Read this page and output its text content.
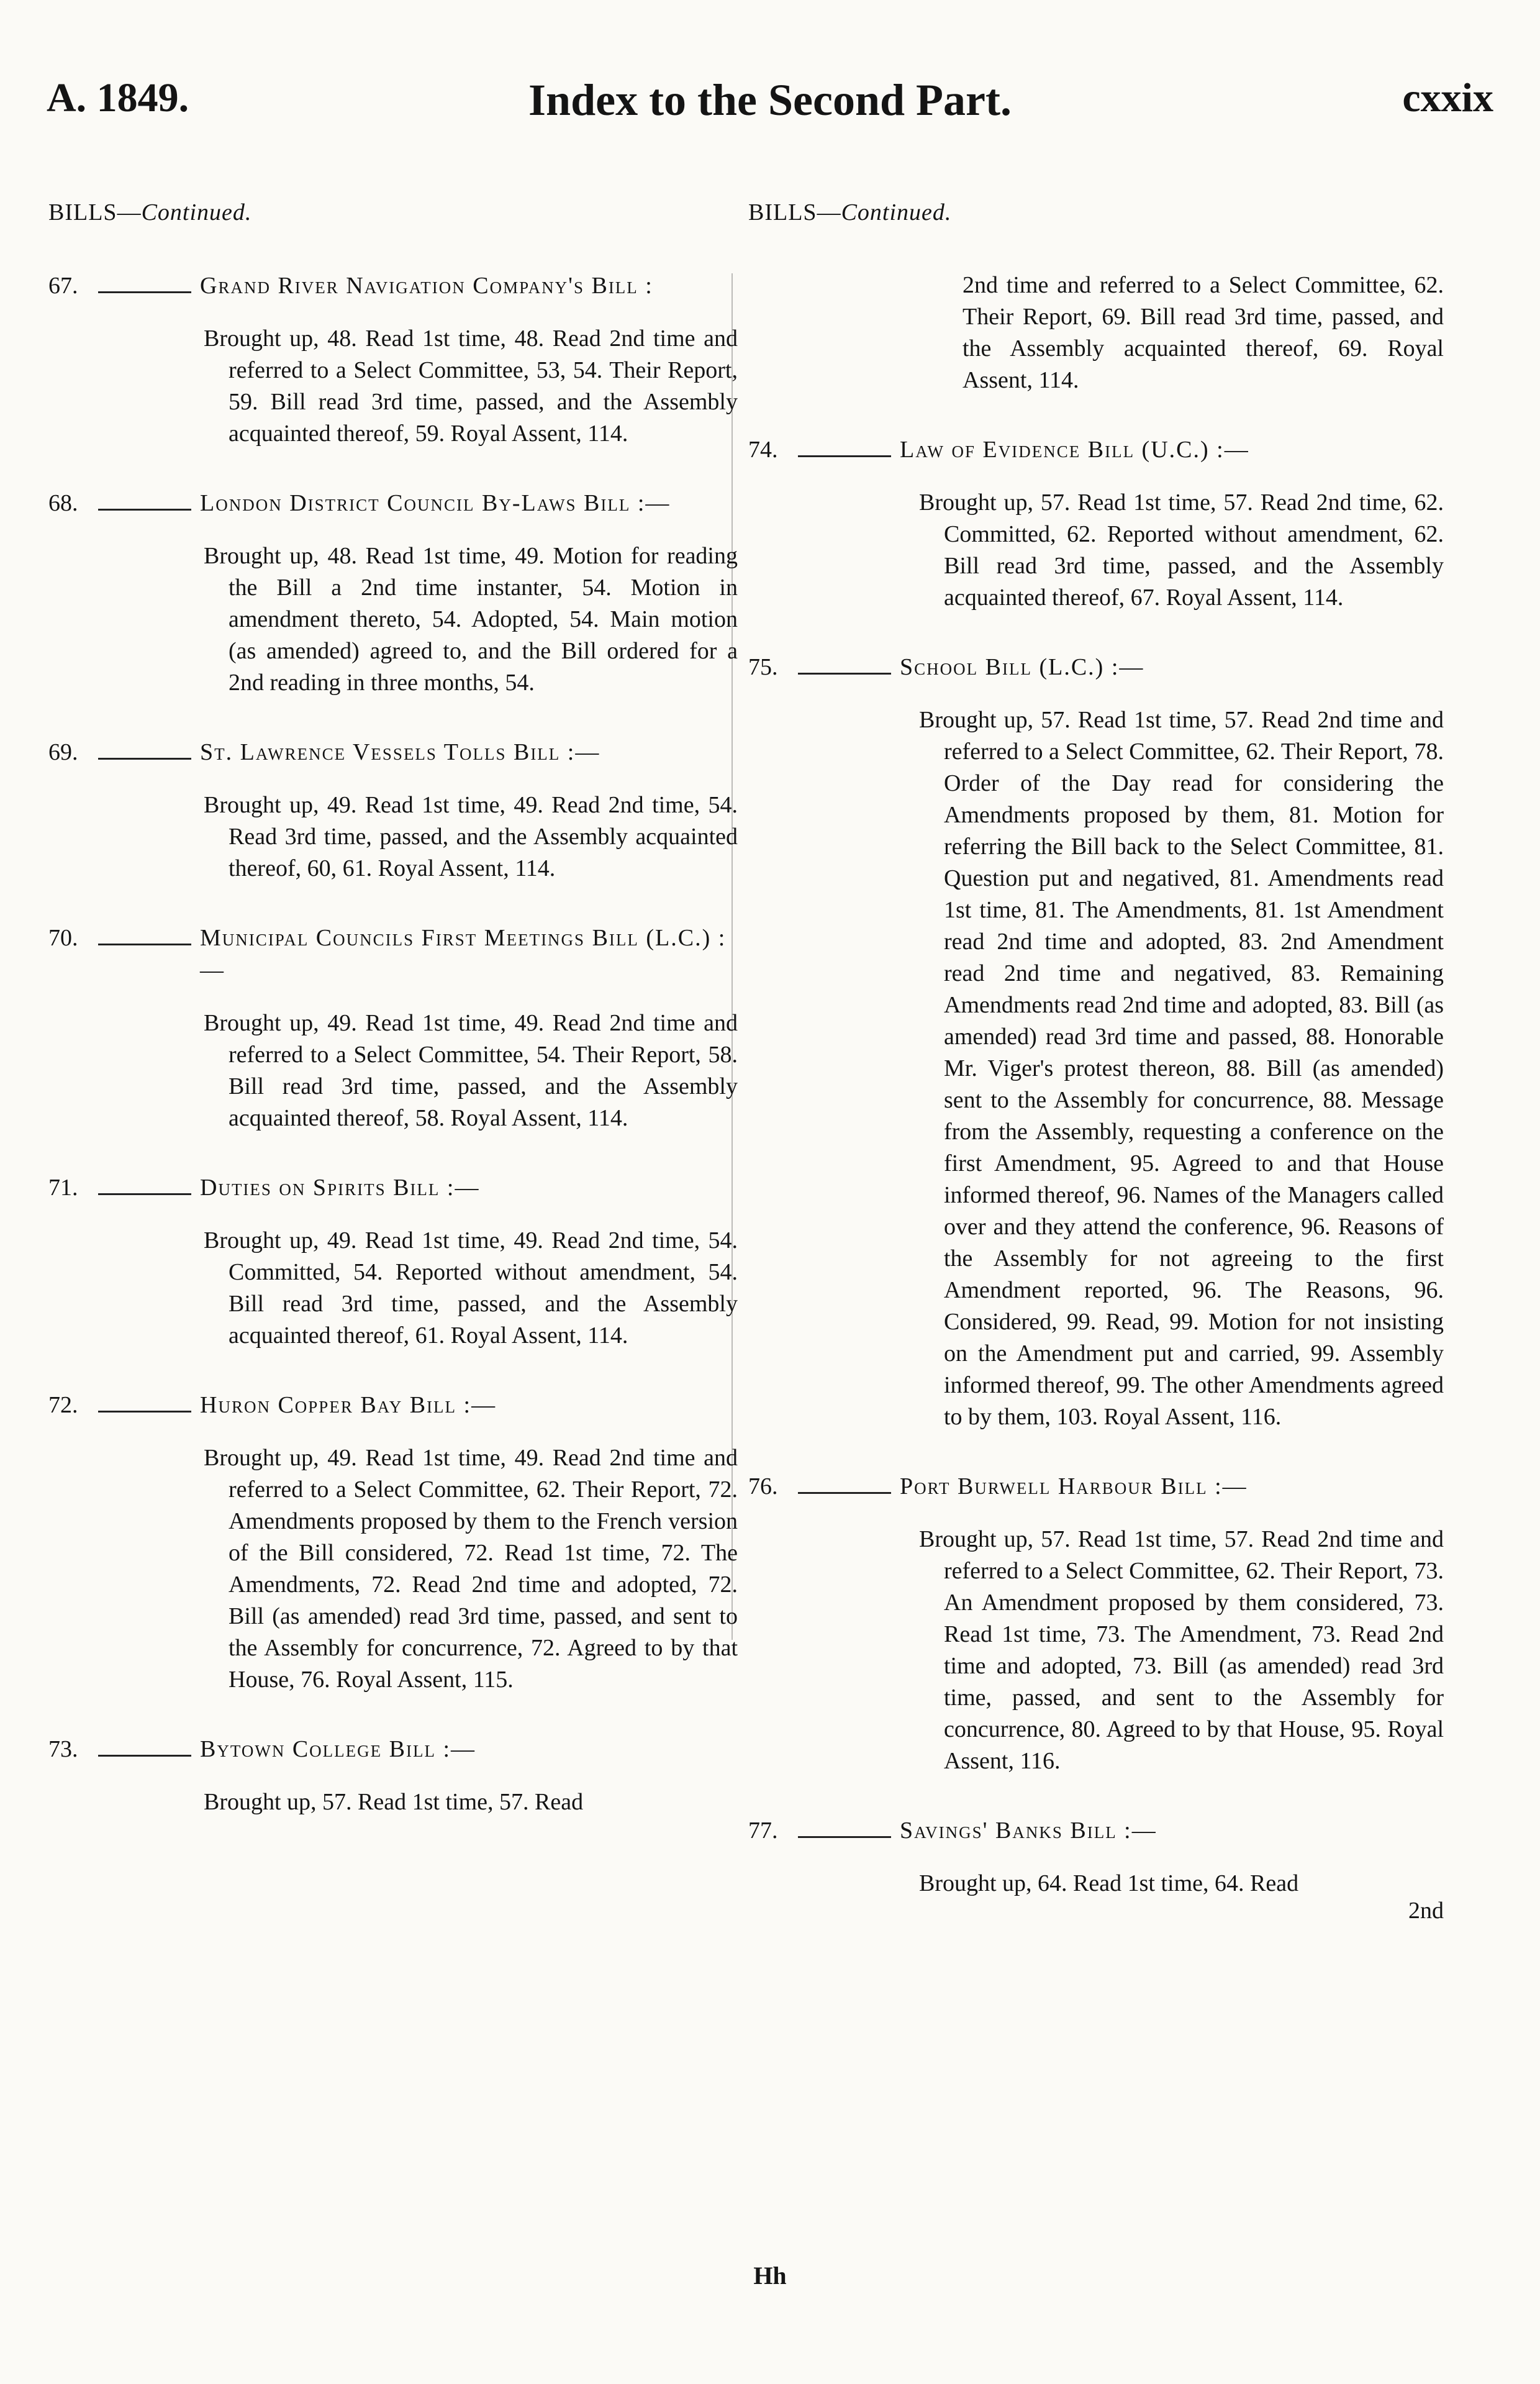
A. 1849.	Index to the Second Part.	cxxix
BILLS—Continued.
67.	Grand River Navigation Company's Bill :
Brought up, 48. Read 1st time, 48. Read 2nd time and referred to a Select Committee, 53, 54. Their Report, 59. Bill read 3rd time, passed, and the Assembly acquainted thereof, 59. Royal Assent, 114.
68.	London District Council By-Laws Bill :—
Brought up, 48. Read 1st time, 49. Motion for reading the Bill a 2nd time instanter, 54. Motion in amendment thereto, 54. Adopted, 54. Main motion (as amended) agreed to, and the Bill ordered for a 2nd reading in three months, 54.
69.	St. Lawrence Vessels Tolls Bill :—
Brought up, 49. Read 1st time, 49. Read 2nd time, 54. Read 3rd time, passed, and the Assembly acquainted thereof, 60, 61. Royal Assent, 114.
70.	Municipal Councils First Meetings Bill (L.C.) :—
Brought up, 49. Read 1st time, 49. Read 2nd time and referred to a Select Committee, 54. Their Report, 58. Bill read 3rd time, passed, and the Assembly acquainted thereof, 58. Royal Assent, 114.
71.	Duties on Spirits Bill :—
Brought up, 49. Read 1st time, 49. Read 2nd time, 54. Committed, 54. Reported without amendment, 54. Bill read 3rd time, passed, and the Assembly acquainted thereof, 61. Royal Assent, 114.
72.	Huron Copper Bay Bill :—
Brought up, 49. Read 1st time, 49. Read 2nd time and referred to a Select Committee, 62. Their Report, 72. Amendments proposed by them to the French version of the Bill considered, 72. Read 1st time, 72. The Amendments, 72. Read 2nd time and adopted, 72. Bill (as amended) read 3rd time, passed, and sent to the Assembly for concurrence, 72. Agreed to by that House, 76. Royal Assent, 115.
73.	Bytown College Bill :—
Brought up, 57. Read 1st time, 57. Read
BILLS—Continued.
2nd time and referred to a Select Committee, 62. Their Report, 69. Bill read 3rd time, passed, and the Assembly acquainted thereof, 69. Royal Assent, 114.
74.	Law of Evidence Bill (U.C.) :—
Brought up, 57. Read 1st time, 57. Read 2nd time, 62. Committed, 62. Reported without amendment, 62. Bill read 3rd time, passed, and the Assembly acquainted thereof, 67. Royal Assent, 114.
75.	School Bill (L.C.) :—
Brought up, 57. Read 1st time, 57. Read 2nd time and referred to a Select Committee, 62. Their Report, 78. Order of the Day read for considering the Amendments proposed by them, 81. Motion for referring the Bill back to the Select Committee, 81. Question put and negatived, 81. Amendments read 1st time, 81. The Amendments, 81. 1st Amendment read 2nd time and adopted, 83. 2nd Amendment read 2nd time and negatived, 83. Remaining Amendments read 2nd time and adopted, 83. Bill (as amended) read 3rd time and passed, 88. Honorable Mr. Viger's protest thereon, 88. Bill (as amended) sent to the Assembly for concurrence, 88. Message from the Assembly, requesting a conference on the first Amendment, 95. Agreed to and that House informed thereof, 96. Names of the Managers called over and they attend the conference, 96. Reasons of the Assembly for not agreeing to the first Amendment reported, 96. The Reasons, 96. Considered, 99. Read, 99. Motion for not insisting on the Amendment put and carried, 99. Assembly informed thereof, 99. The other Amendments agreed to by them, 103. Royal Assent, 116.
76.	Port Burwell Harbour Bill :—
Brought up, 57. Read 1st time, 57. Read 2nd time and referred to a Select Committee, 62. Their Report, 73. An Amendment proposed by them considered, 73. Read 1st time, 73. The Amendment, 73. Read 2nd time and adopted, 73. Bill (as amended) read 3rd time, passed, and sent to the Assembly for concurrence, 80. Agreed to by that House, 95. Royal Assent, 116.
77.	Savings' Banks Bill :—
Brought up, 64. Read 1st time, 64. Read
2nd
Hh
